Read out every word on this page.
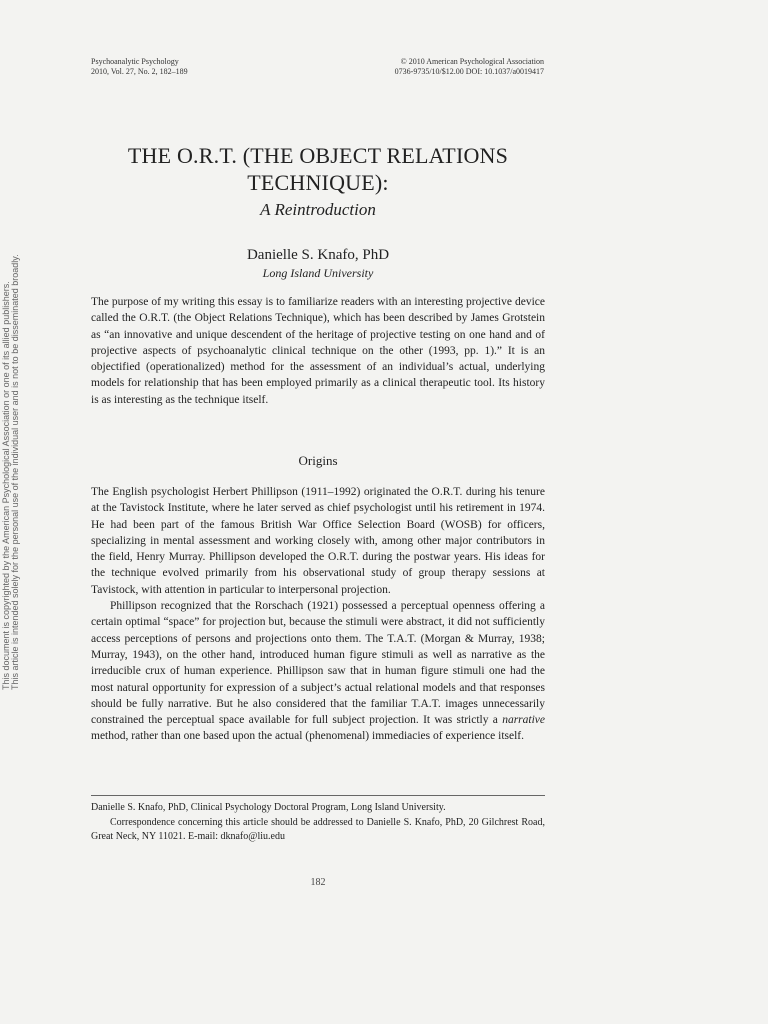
This document is copyrighted by the American Psychological Association or one of its allied publishers. This article is intended solely for the personal use of the individual user and is not to be disseminated broadly.
Psychoanalytic Psychology
2010, Vol. 27, No. 2, 182–189
© 2010 American Psychological Association
0736-9735/10/$12.00 DOI: 10.1037/a0019417
THE O.R.T. (THE OBJECT RELATIONS
TECHNIQUE):
A Reintroduction
Danielle S. Knafo, PhD
Long Island University

The purpose of my writing this essay is to familiarize readers with an interesting projective device called the O.R.T. (the Object Relations Technique), which has been described by James Grotstein as “an innovative and unique descendent of the heritage of projective testing on one hand and of projective aspects of psychoanalytic clinical technique on the other (1993, pp. 1).” It is an objectified (operationalized) method for the assessment of an individual’s actual, underlying models for relationship that has been employed primarily as a clinical therapeutic tool. Its history is as interesting as the technique itself.

Origins

The English psychologist Herbert Phillipson (1911–1992) originated the O.R.T. during his tenure at the Tavistock Institute, where he later served as chief psychologist until his retirement in 1974. He had been part of the famous British War Office Selection Board (WOSB) for officers, specializing in mental assessment and working closely with, among other major contributors in the field, Henry Murray. Phillipson developed the O.R.T. during the postwar years. His ideas for the technique evolved primarily from his observational study of group therapy sessions at Tavistock, with attention in particular to interpersonal projection.

Phillipson recognized that the Rorschach (1921) possessed a perceptual openness offering a certain optimal “space” for projection but, because the stimuli were abstract, it did not sufficiently access perceptions of persons and projections onto them. The T.A.T. (Morgan & Murray, 1938; Murray, 1943), on the other hand, introduced human figure stimuli as well as narrative as the irreducible crux of human experience. Phillipson saw that in human figure stimuli one had the most natural opportunity for expression of a subject’s actual relational models and that responses should be fully narrative. But he also considered that the familiar T.A.T. images unnecessarily constrained the perceptual space available for full subject projection. It was strictly a narrative method, rather than one based upon the actual (phenomenal) immediacies of experience itself.

Danielle S. Knafo, PhD, Clinical Psychology Doctoral Program, Long Island University.

Correspondence concerning this article should be addressed to Danielle S. Knafo, PhD, 20 Gilchrest Road, Great Neck, NY 11021. E-mail: dknafo@liu.edu

182
